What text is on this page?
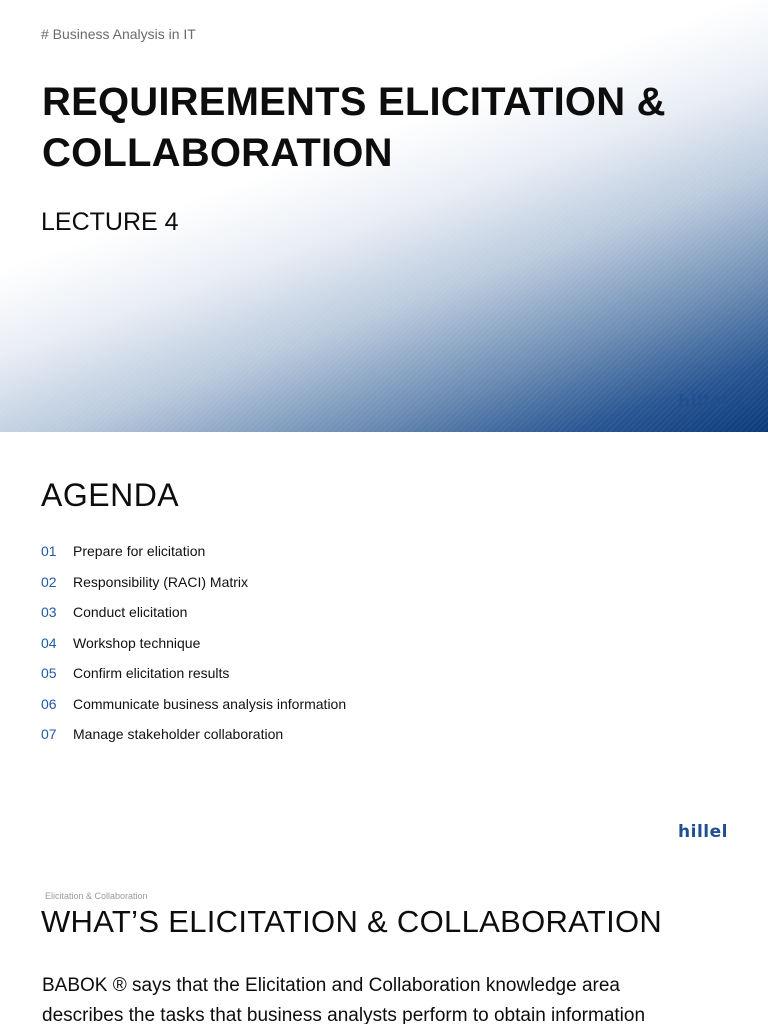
# Business Analysis in IT
REQUIREMENTS ELICITATION & COLLABORATION
LECTURE 4
hillel
AGENDA
01	Prepare for elicitation
02	Responsibility (RACI) Matrix
03	Conduct elicitation
04	Workshop technique
05	Confirm elicitation results
06	Communicate business analysis information
07	Manage stakeholder collaboration
hillel
Elicitation & Collaboration
WHAT’S ELICITATION & COLLABORATION

BABOK ® says that the Elicitation and Collaboration knowledge area describes the tasks that business analysts perform to obtain information
